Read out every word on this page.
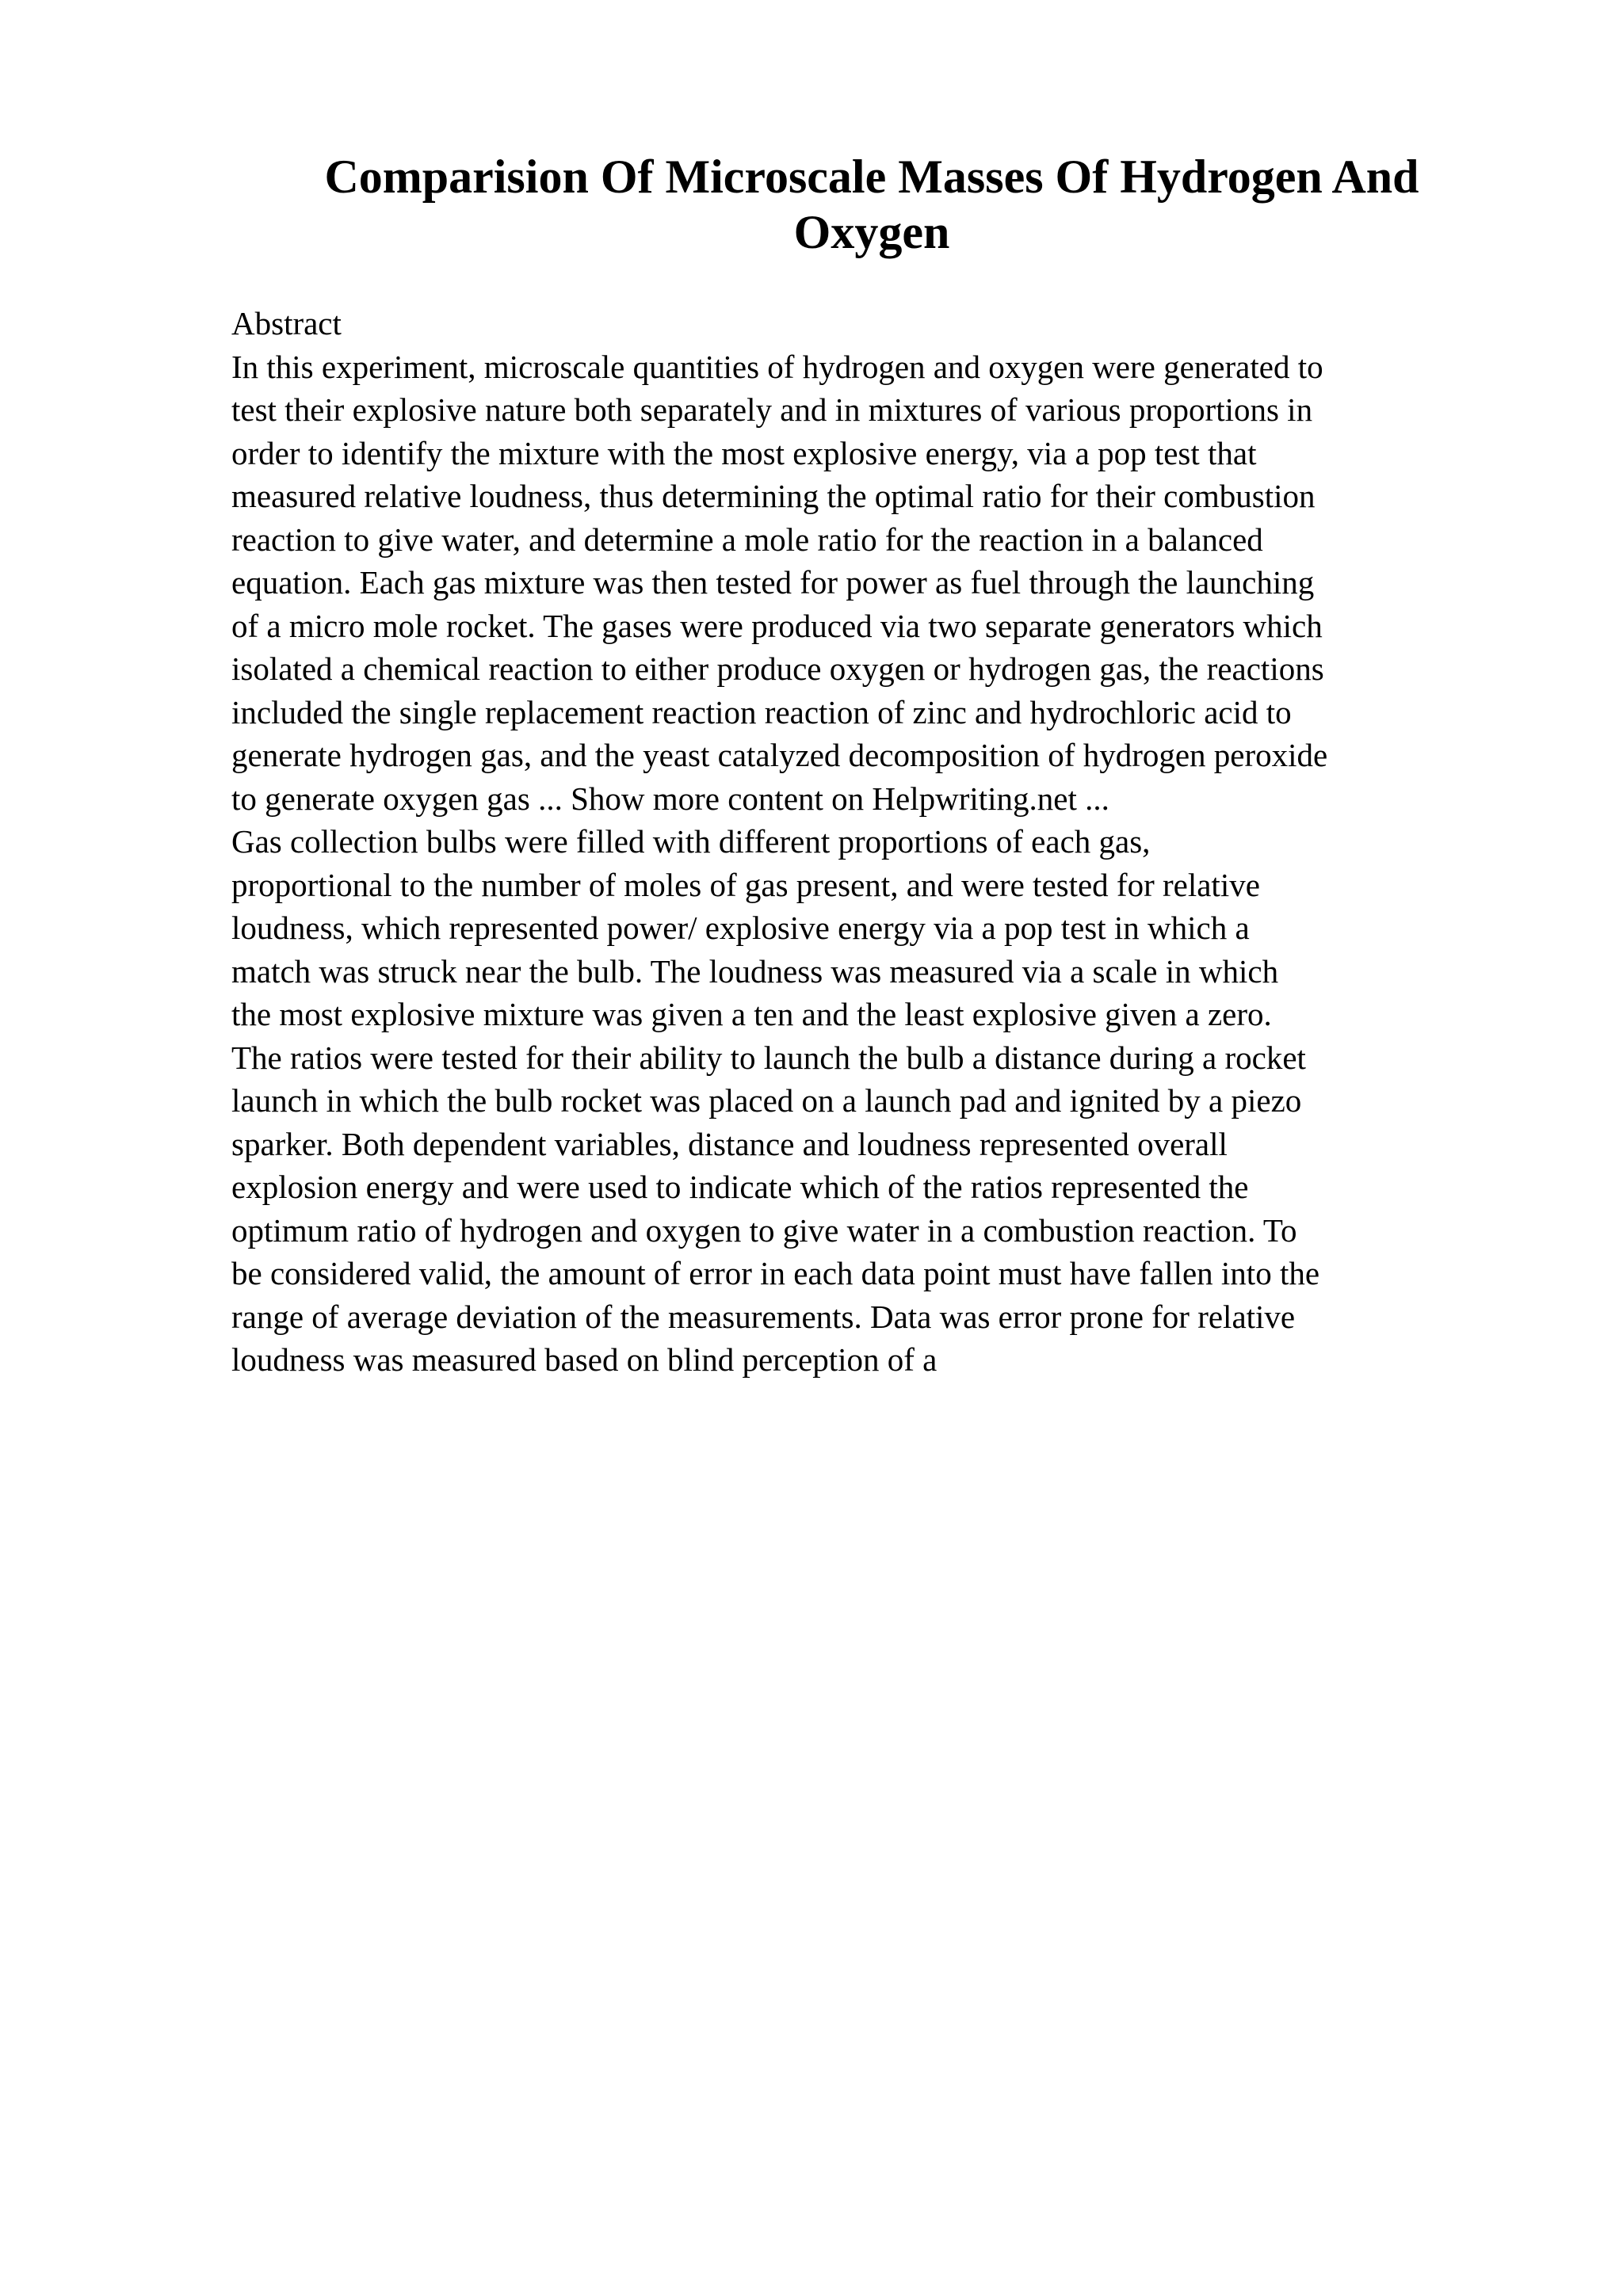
Comparision Of Microscale Masses Of Hydrogen And
Oxygen

Abstract

In this experiment, microscale quantities of hydrogen and oxygen were generated to
test their explosive nature both separately and in mixtures of various proportions in
order to identify the mixture with the most explosive energy, via a pop test that
measured relative loudness, thus determining the optimal ratio for their combustion
reaction to give water, and determine a mole ratio for the reaction in a balanced
equation. Each gas mixture was then tested for power as fuel through the launching
of a micro mole rocket. The gases were produced via two separate generators which
isolated a chemical reaction to either produce oxygen or hydrogen gas, the reactions
included the single replacement reaction reaction of zinc and hydrochloric acid to
generate hydrogen gas, and the yeast catalyzed decomposition of hydrogen peroxide
to generate oxygen gas ... Show more content on Helpwriting.net ...

Gas collection bulbs were filled with different proportions of each gas,
proportional to the number of moles of gas present, and were tested for relative
loudness, which represented power/ explosive energy via a pop test in which a
match was struck near the bulb. The loudness was measured via a scale in which
the most explosive mixture was given a ten and the least explosive given a zero.
The ratios were tested for their ability to launch the bulb a distance during a rocket
launch in which the bulb rocket was placed on a launch pad and ignited by a piezo
sparker. Both dependent variables, distance and loudness represented overall
explosion energy and were used to indicate which of the ratios represented the
optimum ratio of hydrogen and oxygen to give water in a combustion reaction. To
be considered valid, the amount of error in each data point must have fallen into the
range of average deviation of the measurements. Data was error prone for relative
loudness was measured based on blind perception of a
